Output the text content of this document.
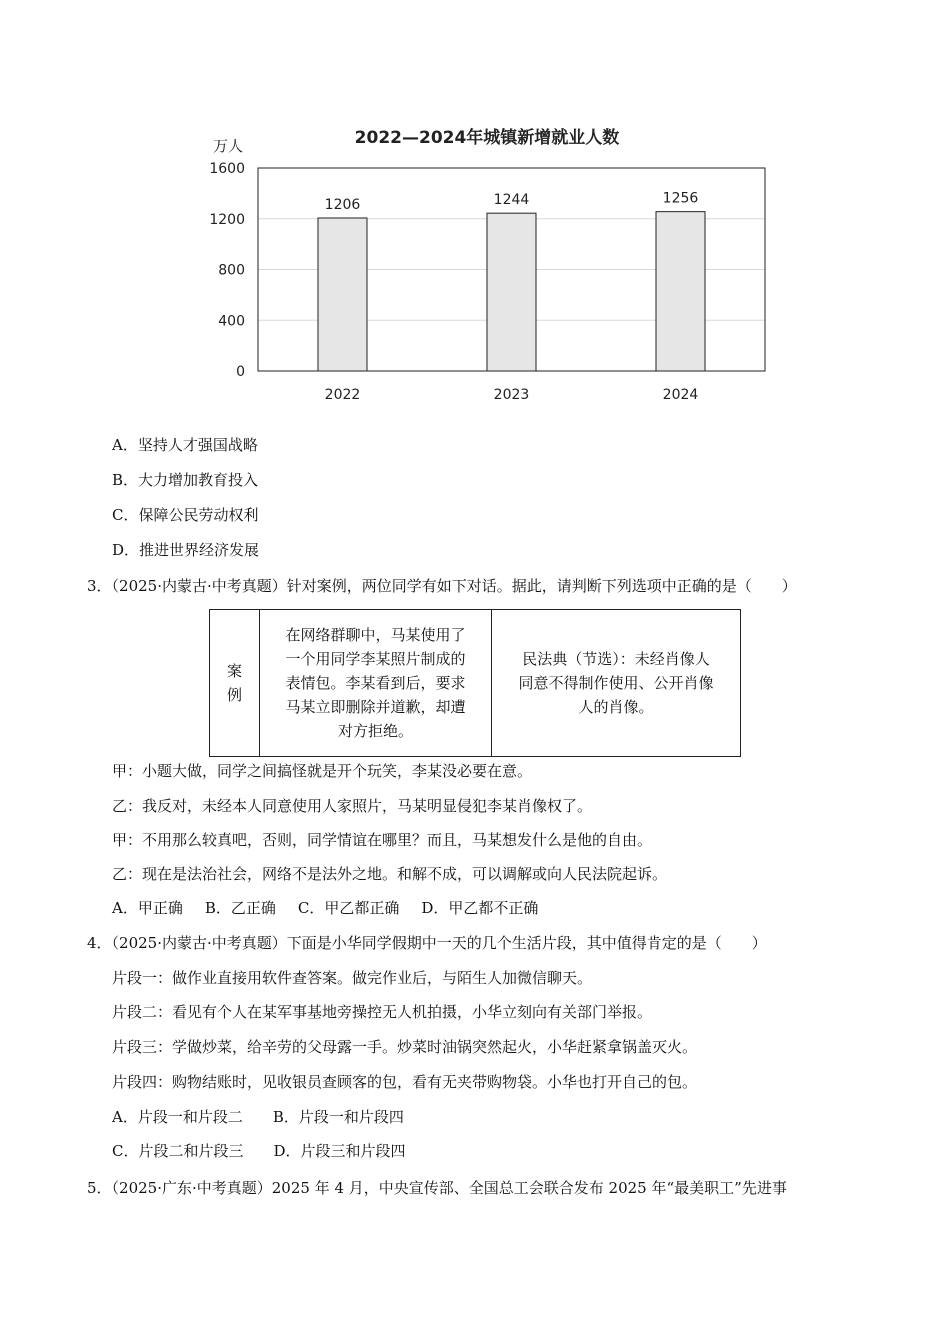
2022—2024年城镇新增就业人数
万人
0
400
800
1200
1600
1206	1244	1256
2022	2023	2024
A．坚持人才强国战略
B．大力增加教育投入
C．保障公民劳动权利
D．推进世界经济发展
3．（2025·内蒙古·中考真题）针对案例，两位同学有如下对话。据此，请判断下列选项中正确的是（　　）
案
例

在网络群聊中，马某使用了
一个用同学李某照片制成的
表情包。李某看到后，要求
马某立即删除并道歉，却遭
对方拒绝。

民法典（节选）：未经肖像人
同意不得制作使用、公开肖像
人的肖像。
甲：小题大做，同学之间搞怪就是开个玩笑，李某没必要在意。
乙：我反对，未经本人同意使用人家照片，马某明显侵犯李某肖像权了。
甲：不用那么较真吧，否则，同学情谊在哪里？而且，马某想发什么是他的自由。
乙：现在是法治社会，网络不是法外之地。和解不成，可以调解或向人民法院起诉。
A．甲正确 B．乙正确 C．甲乙都正确 D．甲乙都不正确
4．（2025·内蒙古·中考真题）下面是小华同学假期中一天的几个生活片段，其中值得肯定的是（　　）
片段一：做作业直接用软件查答案。做完作业后，与陌生人加微信聊天。
片段二：看见有个人在某军事基地旁操控无人机拍摄，小华立刻向有关部门举报。
片段三：学做炒菜，给辛劳的父母露一手。炒菜时油锅突然起火，小华赶紧拿锅盖灭火。
片段四：购物结账时，见收银员查顾客的包，看有无夹带购物袋。小华也打开自己的包。
A．片段一和片段二 B．片段一和片段四
C．片段二和片段三 D．片段三和片段四
5．（2025·广东·中考真题）2025 年 4 月，中央宣传部、全国总工会联合发布 2025 年“最美职工”先进事
